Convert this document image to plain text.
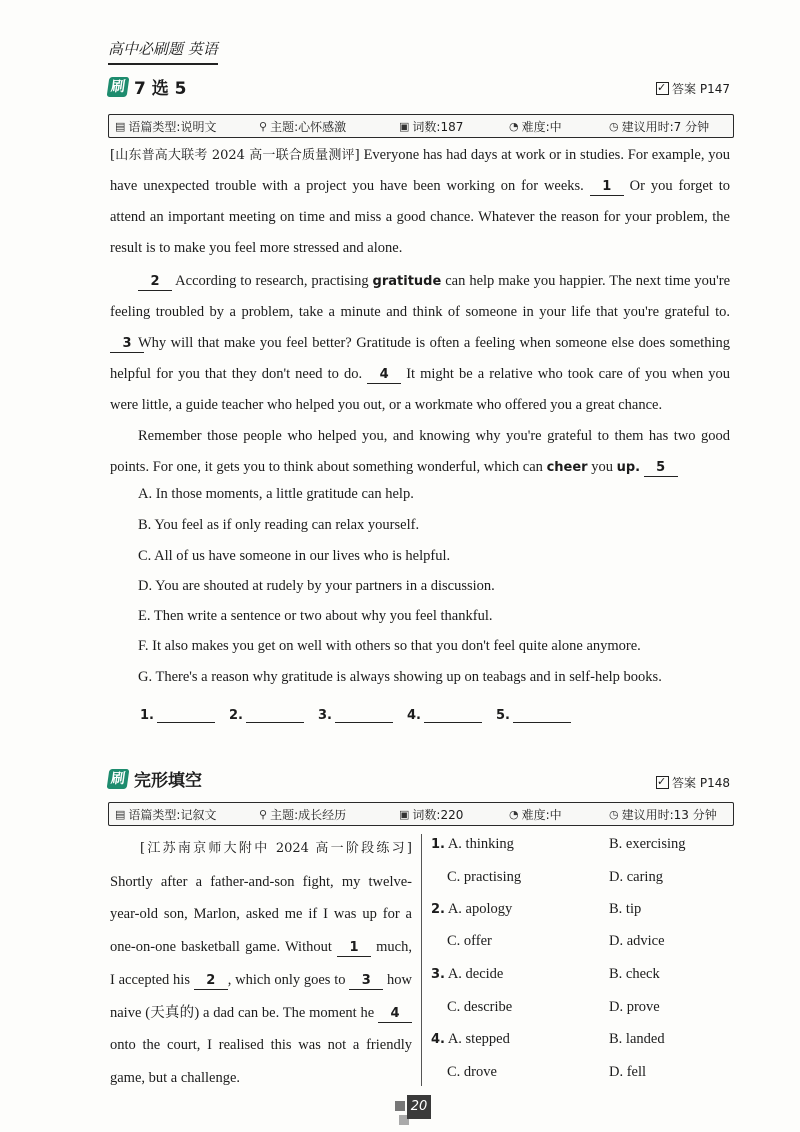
高中必刷题 英语
刷 7 选 5	✓ 答案 P147
▤ 语篇类型:说明文	⚲ 主题:心怀感激	▣ 词数:187	◔ 难度:中	◷ 建议用时:7 分钟
[山东普高大联考 2024 高一联合质量测评] Everyone has had days at work or in studies. For example, you have unexpected trouble with a project you have been working on for weeks. 1 Or you forget to attend an important meeting on time and miss a good chance. Whatever the reason for your problem, the result is to make you feel more stressed and alone.
2 According to research, practising gratitude can help make you happier. The next time you're feeling troubled by a problem, take a minute and think of someone in your life that you're grateful to. 3 Why will that make you feel better? Gratitude is often a feeling when someone else does something helpful for you that they don't need to do. 4 It might be a relative who took care of you when you were little, a guide teacher who helped you out, or a workmate who offered you a great chance.
Remember those people who helped you, and knowing why you're grateful to them has two good points. For one, it gets you to think about something wonderful, which can cheer you up. 5
A. In those moments, a little gratitude can help.
B. You feel as if only reading can relax yourself.
C. All of us have someone in our lives who is helpful.
D. You are shouted at rudely by your partners in a discussion.
E. Then write a sentence or two about why you feel thankful.
F. It also makes you get on well with others so that you don't feel quite alone anymore.
G. There's a reason why gratitude is always showing up on teabags and in self-help books.
1.	2.	3.	4.	5.
刷 完形填空	✓ 答案 P148
▤ 语篇类型:记叙文	⚲ 主题:成长经历	▣ 词数:220	◔ 难度:中	◷ 建议用时:13 分钟
[江苏南京师大附中 2024 高一阶段练习] Shortly after a father-and-son fight, my twelve-year-old son, Marlon, asked me if I was up for a one-on-one basketball game. Without 1 much, I accepted his 2 , which only goes to 3 how naive (天真的) a dad can be. The moment he 4 onto the court, I realised this was not a friendly game, but a challenge.
1. A. thinking	B. exercising
C. practising	D. caring
2. A. apology	B. tip
C. offer	D. advice
3. A. decide	B. check
C. describe	D. prove
4. A. stepped	B. landed
C. drove	D. fell
20
